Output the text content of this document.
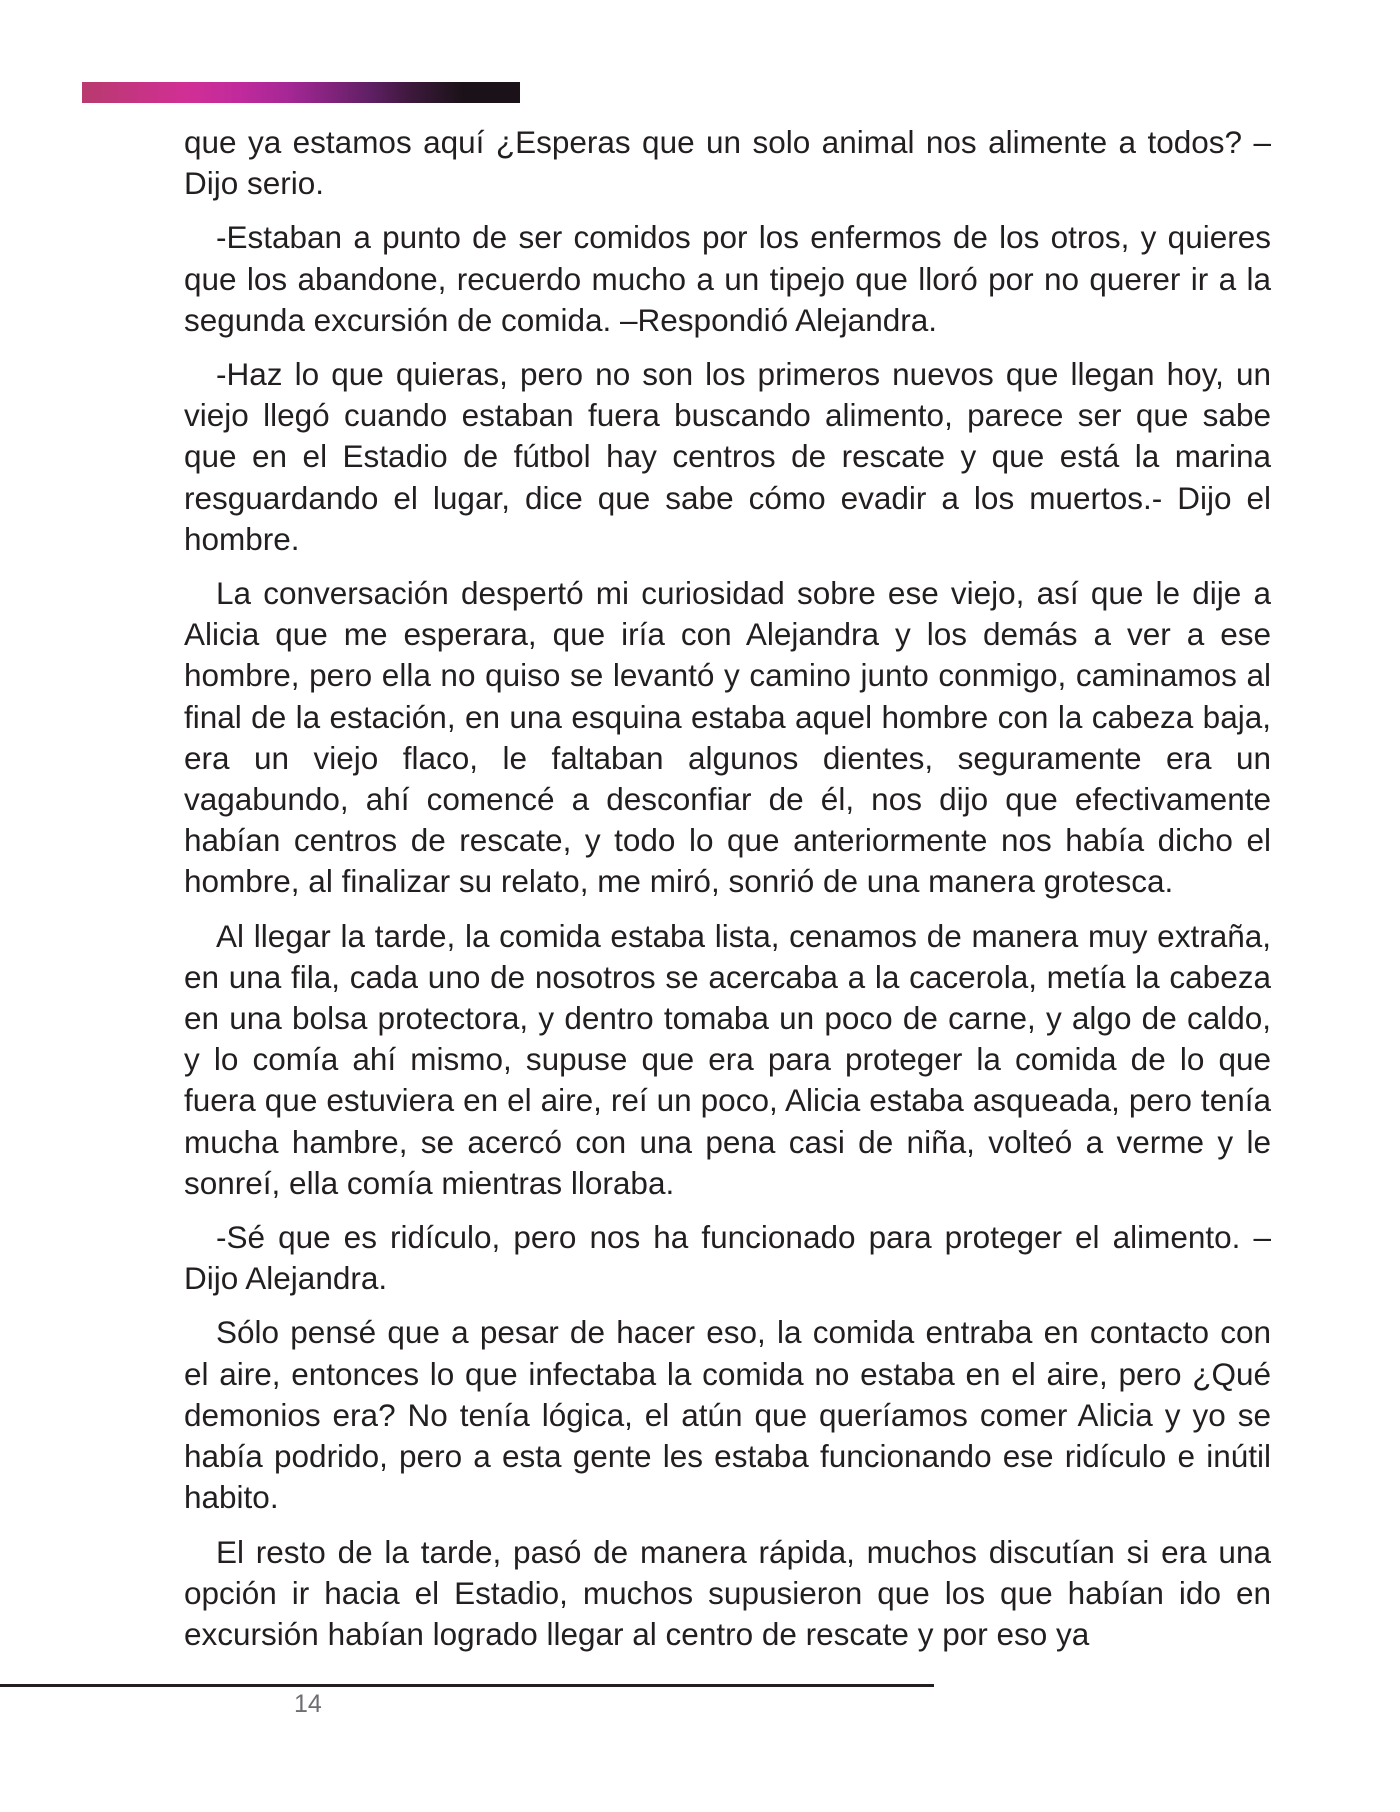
que ya estamos aquí ¿Esperas que un solo animal nos alimente a todos? –Dijo serio.

-Estaban a punto de ser comidos por los enfermos de los otros, y quieres que los abandone, recuerdo mucho a un tipejo que lloró por no querer ir a la segunda excursión de comida. –Respondió Alejandra.

-Haz lo que quieras, pero no son los primeros nuevos que llegan hoy, un viejo llegó cuando estaban fuera buscando alimento, parece ser que sabe que en el Estadio de fútbol hay centros de rescate y que está la marina resguardando el lugar, dice que sabe cómo evadir a los muertos.- Dijo el hombre.

La conversación despertó mi curiosidad sobre ese viejo, así que le dije a Alicia que me esperara, que iría con Alejandra y los demás a ver a ese hombre, pero ella no quiso se levantó y camino junto conmigo, caminamos al final de la estación, en una esquina estaba aquel hombre con la cabeza baja, era un viejo flaco, le faltaban algunos dientes, seguramente era un vagabundo, ahí comencé a desconfiar de él, nos dijo que efectivamente habían centros de rescate, y todo lo que anteriormente nos había dicho el hombre, al finalizar su relato, me miró, sonrió de una manera grotesca.

Al llegar la tarde, la comida estaba lista, cenamos de manera muy extraña, en una fila, cada uno de nosotros se acercaba a la cacerola, metía la cabeza en una bolsa protectora, y dentro tomaba un poco de carne, y algo de caldo, y lo comía ahí mismo, supuse que era para proteger la comida de lo que fuera que estuviera en el aire, reí un poco, Alicia estaba asqueada, pero tenía mucha hambre, se acercó con una pena casi de niña, volteó a verme y le sonreí, ella comía mientras lloraba.

-Sé que es ridículo, pero nos ha funcionado para proteger el alimento. –Dijo Alejandra.

Sólo pensé que a pesar de hacer eso, la comida entraba en contacto con el aire, entonces lo que infectaba la comida no estaba en el aire, pero ¿Qué demonios era? No tenía lógica, el atún que queríamos comer Alicia y yo se había podrido, pero a esta gente les estaba funcionando ese ridículo e inútil habito.

El resto de la tarde, pasó de manera rápida, muchos discutían si era una opción ir hacia el Estadio, muchos supusieron que los que habían ido en excursión habían logrado llegar al centro de rescate y por eso ya

14
